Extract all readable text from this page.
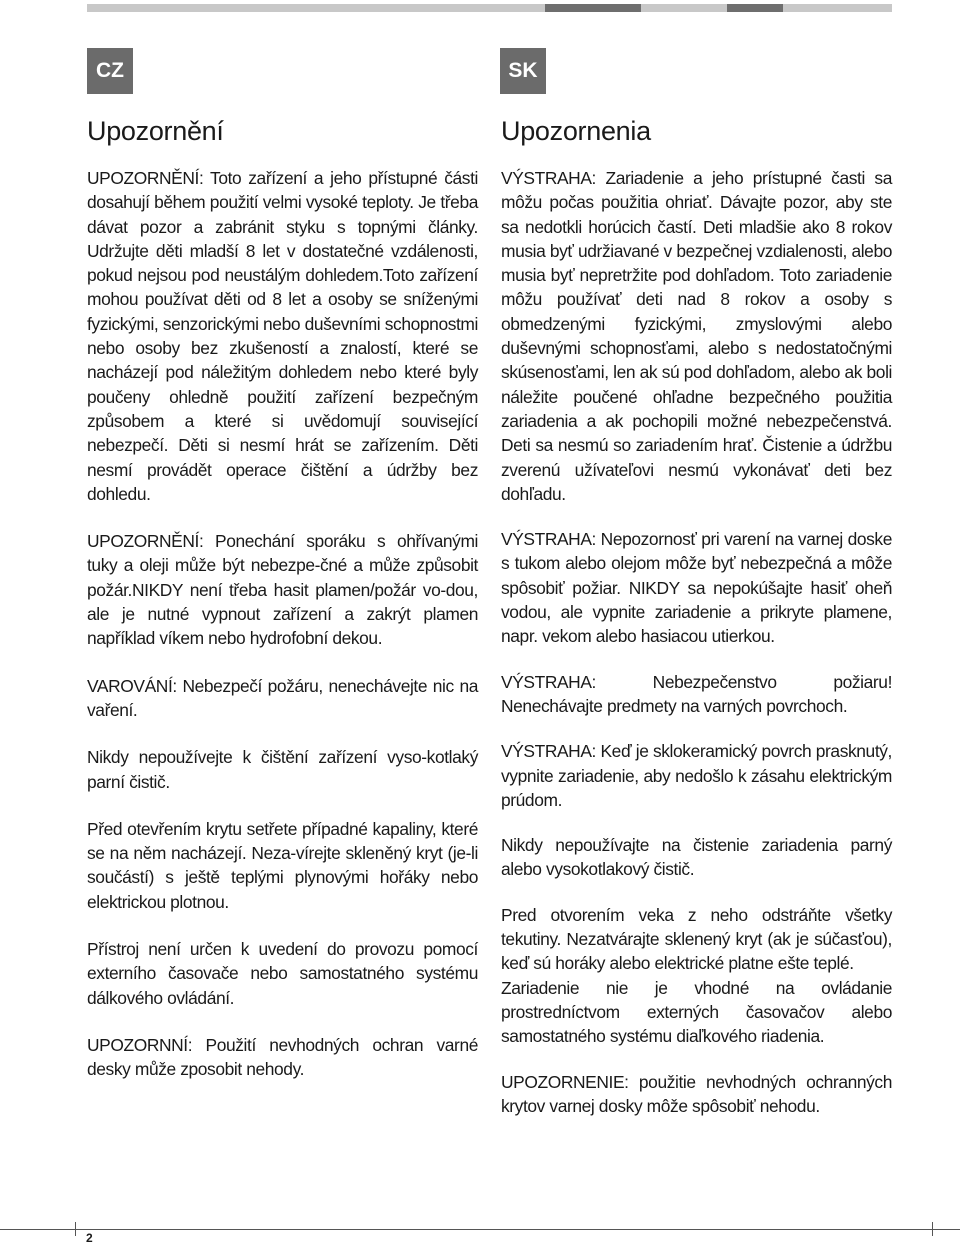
CZ	SK
Upozornění

UPOZORNĚNÍ: Toto zařízení a jeho přístupné části dosahují během použití velmi vysoké teploty. Je třeba dávat pozor a zabránit styku s topnými články. Udržujte děti mladší 8 let v dostatečné vzdálenosti, pokud nejsou pod neustálým dohledem.Toto zařízení mohou používat děti od 8 let a osoby se sníženými fyzickými, senzorickými nebo duševními schopnostmi nebo osoby bez zkušeností a znalostí, které se nacházejí pod náležitým dohledem nebo které byly poučeny ohledně použití zařízení bezpečným způsobem a které si uvědomují související nebezpečí. Děti si nesmí hrát se zařízením. Děti nesmí provádět operace čištění a údržby bez dohledu.

UPOZORNĚNÍ: Ponechání sporáku s ohřívanými tuky a oleji může být nebezpe-čné a může způsobit požár.NIKDY není třeba hasit plamen/požár vo-dou, ale je nutné vypnout zařízení a zakrýt plamen například víkem nebo hydrofobní dekou.

VAROVÁNÍ: Nebezpečí požáru, nenechávejte nic na vaření.

Nikdy nepoužívejte k čištění zařízení vyso-kotlaký parní čistič.

Před otevřením krytu setřete případné kapaliny, které se na něm nacházejí. Neza-vírejte skleněný kryt (je-li součástí) s ještě teplými plynovými hořáky nebo elektrickou plotnou.

Přístroj není určen k uvedení do provozu pomocí externího časovače nebo samostatného systému dálkového ovládání.

UPOZORNNÍ: Použití nevhodných ochran varné desky může zposobit nehody.

Upozornenia

VÝSTRAHA: Zariadenie a jeho prístupné časti sa môžu počas použitia ohriať. Dávajte pozor, aby ste sa nedotkli horúcich častí. Deti mladšie ako 8 rokov musia byť udržiavané v bezpečnej vzdialenosti, alebo musia byť nepretržite pod dohľadom. Toto zariadenie môžu používať deti nad 8 rokov a osoby s obmedzenými fyzickými, zmyslovými alebo duševnými schopnosťami, alebo s nedostatočnými skúsenosťami, len ak sú pod dohľadom, alebo ak boli náležite poučené ohľadne bezpečného použitia zariadenia a ak pochopili možné nebezpečenstvá. Deti sa nesmú so zariadením hrať. Čistenie a údržbu zverenú užívateľovi nesmú vykonávať deti bez dohľadu.

VÝSTRAHA: Nepozornosť pri varení na varnej doske s tukom alebo olejom môže byť nebezpečná a môže spôsobiť požiar. NIKDY sa nepokúšajte hasiť oheň vodou, ale vypnite zariadenie a prikryte plamene, napr. vekom alebo hasiacou utierkou.

VÝSTRAHA: Nebezpečenstvo požiaru! Nenechávajte predmety na varných povrchoch.

VÝSTRAHA: Keď je sklokeramický povrch prasknutý, vypnite zariadenie, aby nedošlo k zásahu elektrickým prúdom.

Nikdy nepoužívajte na čistenie zariadenia parný alebo vysokotlakový čistič.

Pred otvorením veka z neho odstráňte všetky tekutiny. Nezatvárajte sklenený kryt (ak je súčasťou), keď sú horáky alebo elektrické platne ešte teplé.
Zariadenie nie je vhodné na ovládanie prostredníctvom externých časovačov alebo samostatného systému diaľkového riadenia.

UPOZORNENIE: použitie nevhodných ochranných krytov varnej dosky môže spôsobiť nehodu.

2
